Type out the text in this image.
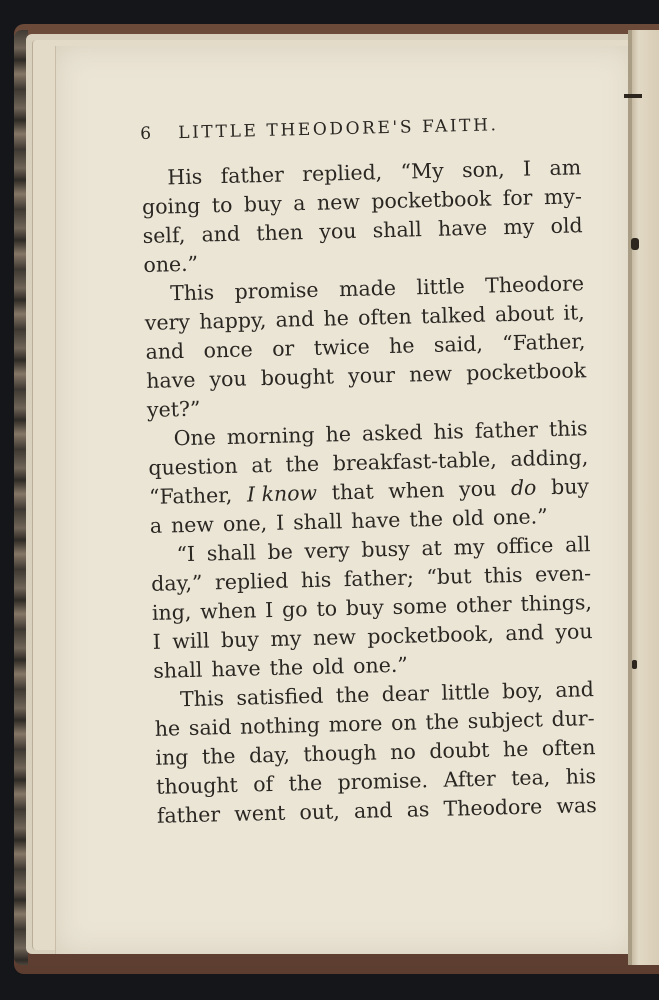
6	LITTLE THEODORE'S FAITH.
His father replied, “My son, I am
going to buy a new pocketbook for my-
self, and then you shall have my old
one.”
This promise made little Theodore
very happy, and he often talked about it,
and once or twice he said, “Father,
have you bought your new pocketbook
yet?”
One morning he asked his father this
question at the breakfast-table, adding,
“Father, I know that when you do buy
a new one, I shall have the old one.”
“I shall be very busy at my office all
day,” replied his father; “but this even-
ing, when I go to buy some other things,
I will buy my new pocketbook, and you
shall have the old one.”
This satisfied the dear little boy, and
he said nothing more on the subject dur-
ing the day, though no doubt he often
thought of the promise. After tea, his
father went out, and as Theodore was
